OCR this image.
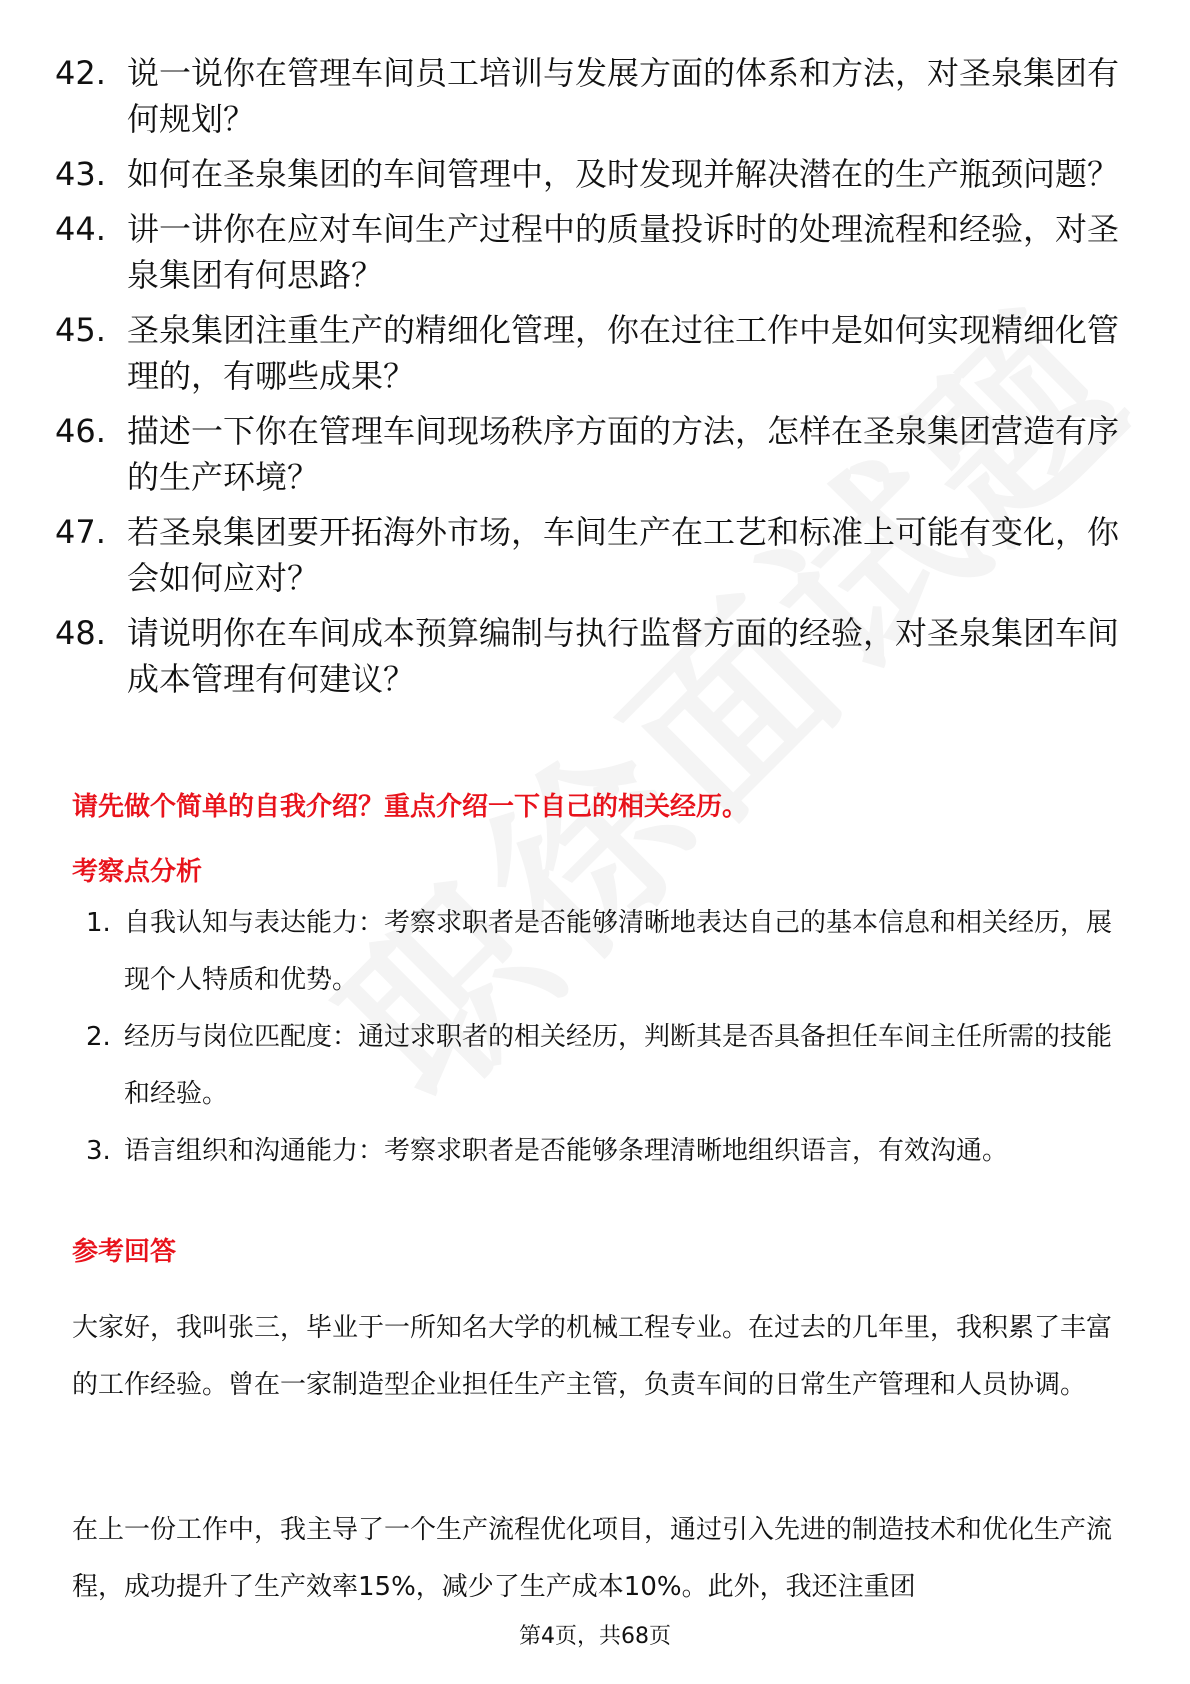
42. 说一说你在管理车间员工培训与发展方面的体系和方法，对圣泉集团有何规划？
43. 如何在圣泉集团的车间管理中，及时发现并解决潜在的生产瓶颈问题？
44. 讲一讲你在应对车间生产过程中的质量投诉时的处理流程和经验，对圣泉集团有何思路？
45. 圣泉集团注重生产的精细化管理，你在过往工作中是如何实现精细化管理的，有哪些成果？
46. 描述一下你在管理车间现场秩序方面的方法，怎样在圣泉集团营造有序的生产环境？
47. 若圣泉集团要开拓海外市场，车间生产在工艺和标准上可能有变化，你会如何应对？
48. 请说明你在车间成本预算编制与执行监督方面的经验，对圣泉集团车间成本管理有何建议？
请先做个简单的自我介绍？重点介绍一下自己的相关经历。
考察点分析
1. 自我认知与表达能力：考察求职者是否能够清晰地表达自己的基本信息和相关经历，展现个人特质和优势。
2. 经历与岗位匹配度：通过求职者的相关经历，判断其是否具备担任车间主任所需的技能和经验。
3. 语言组织和沟通能力：考察求职者是否能够条理清晰地组织语言，有效沟通。
参考回答

大家好，我叫张三，毕业于一所知名大学的机械工程专业。在过去的几年里，我积累了丰富的工作经验。曾在一家制造型企业担任生产主管，负责车间的日常生产管理和人员协调。

在上一份工作中，我主导了一个生产流程优化项目，通过引入先进的制造技术和优化生产流程，成功提升了生产效率15%，减少了生产成本10%。此外，我还注重团

第4页，共68页
